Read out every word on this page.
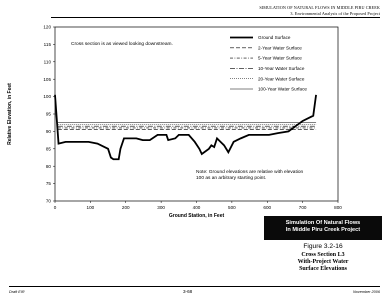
SIMULATION OF NATURAL FLOWS IN MIDDLE PIRU CREEK
3. Environmental Analysis of the Proposed Project
70
75
80
85
90
95
100
105
110
115
120
0	100	200	300	400	500	600	700	800
Ground Surface
2-Year Water Surface
5-Year Water Surface
10-Year Water Surface
20-Year Water Surface
100-Year Water Surface
Ground Station, in Feet
Relative Elevation, in Feet
Cross section is as viewed looking downstream.
Note: Ground elevations are relative with elevation 100 as an arbitrary starting point.
Simulation Of Natural Flows
In Middle Piru Creek Project
Figure 3.2-16
Cross Section L3
With-Project Water
Surface Elevations
Draft EIR	3-68	November 2006
